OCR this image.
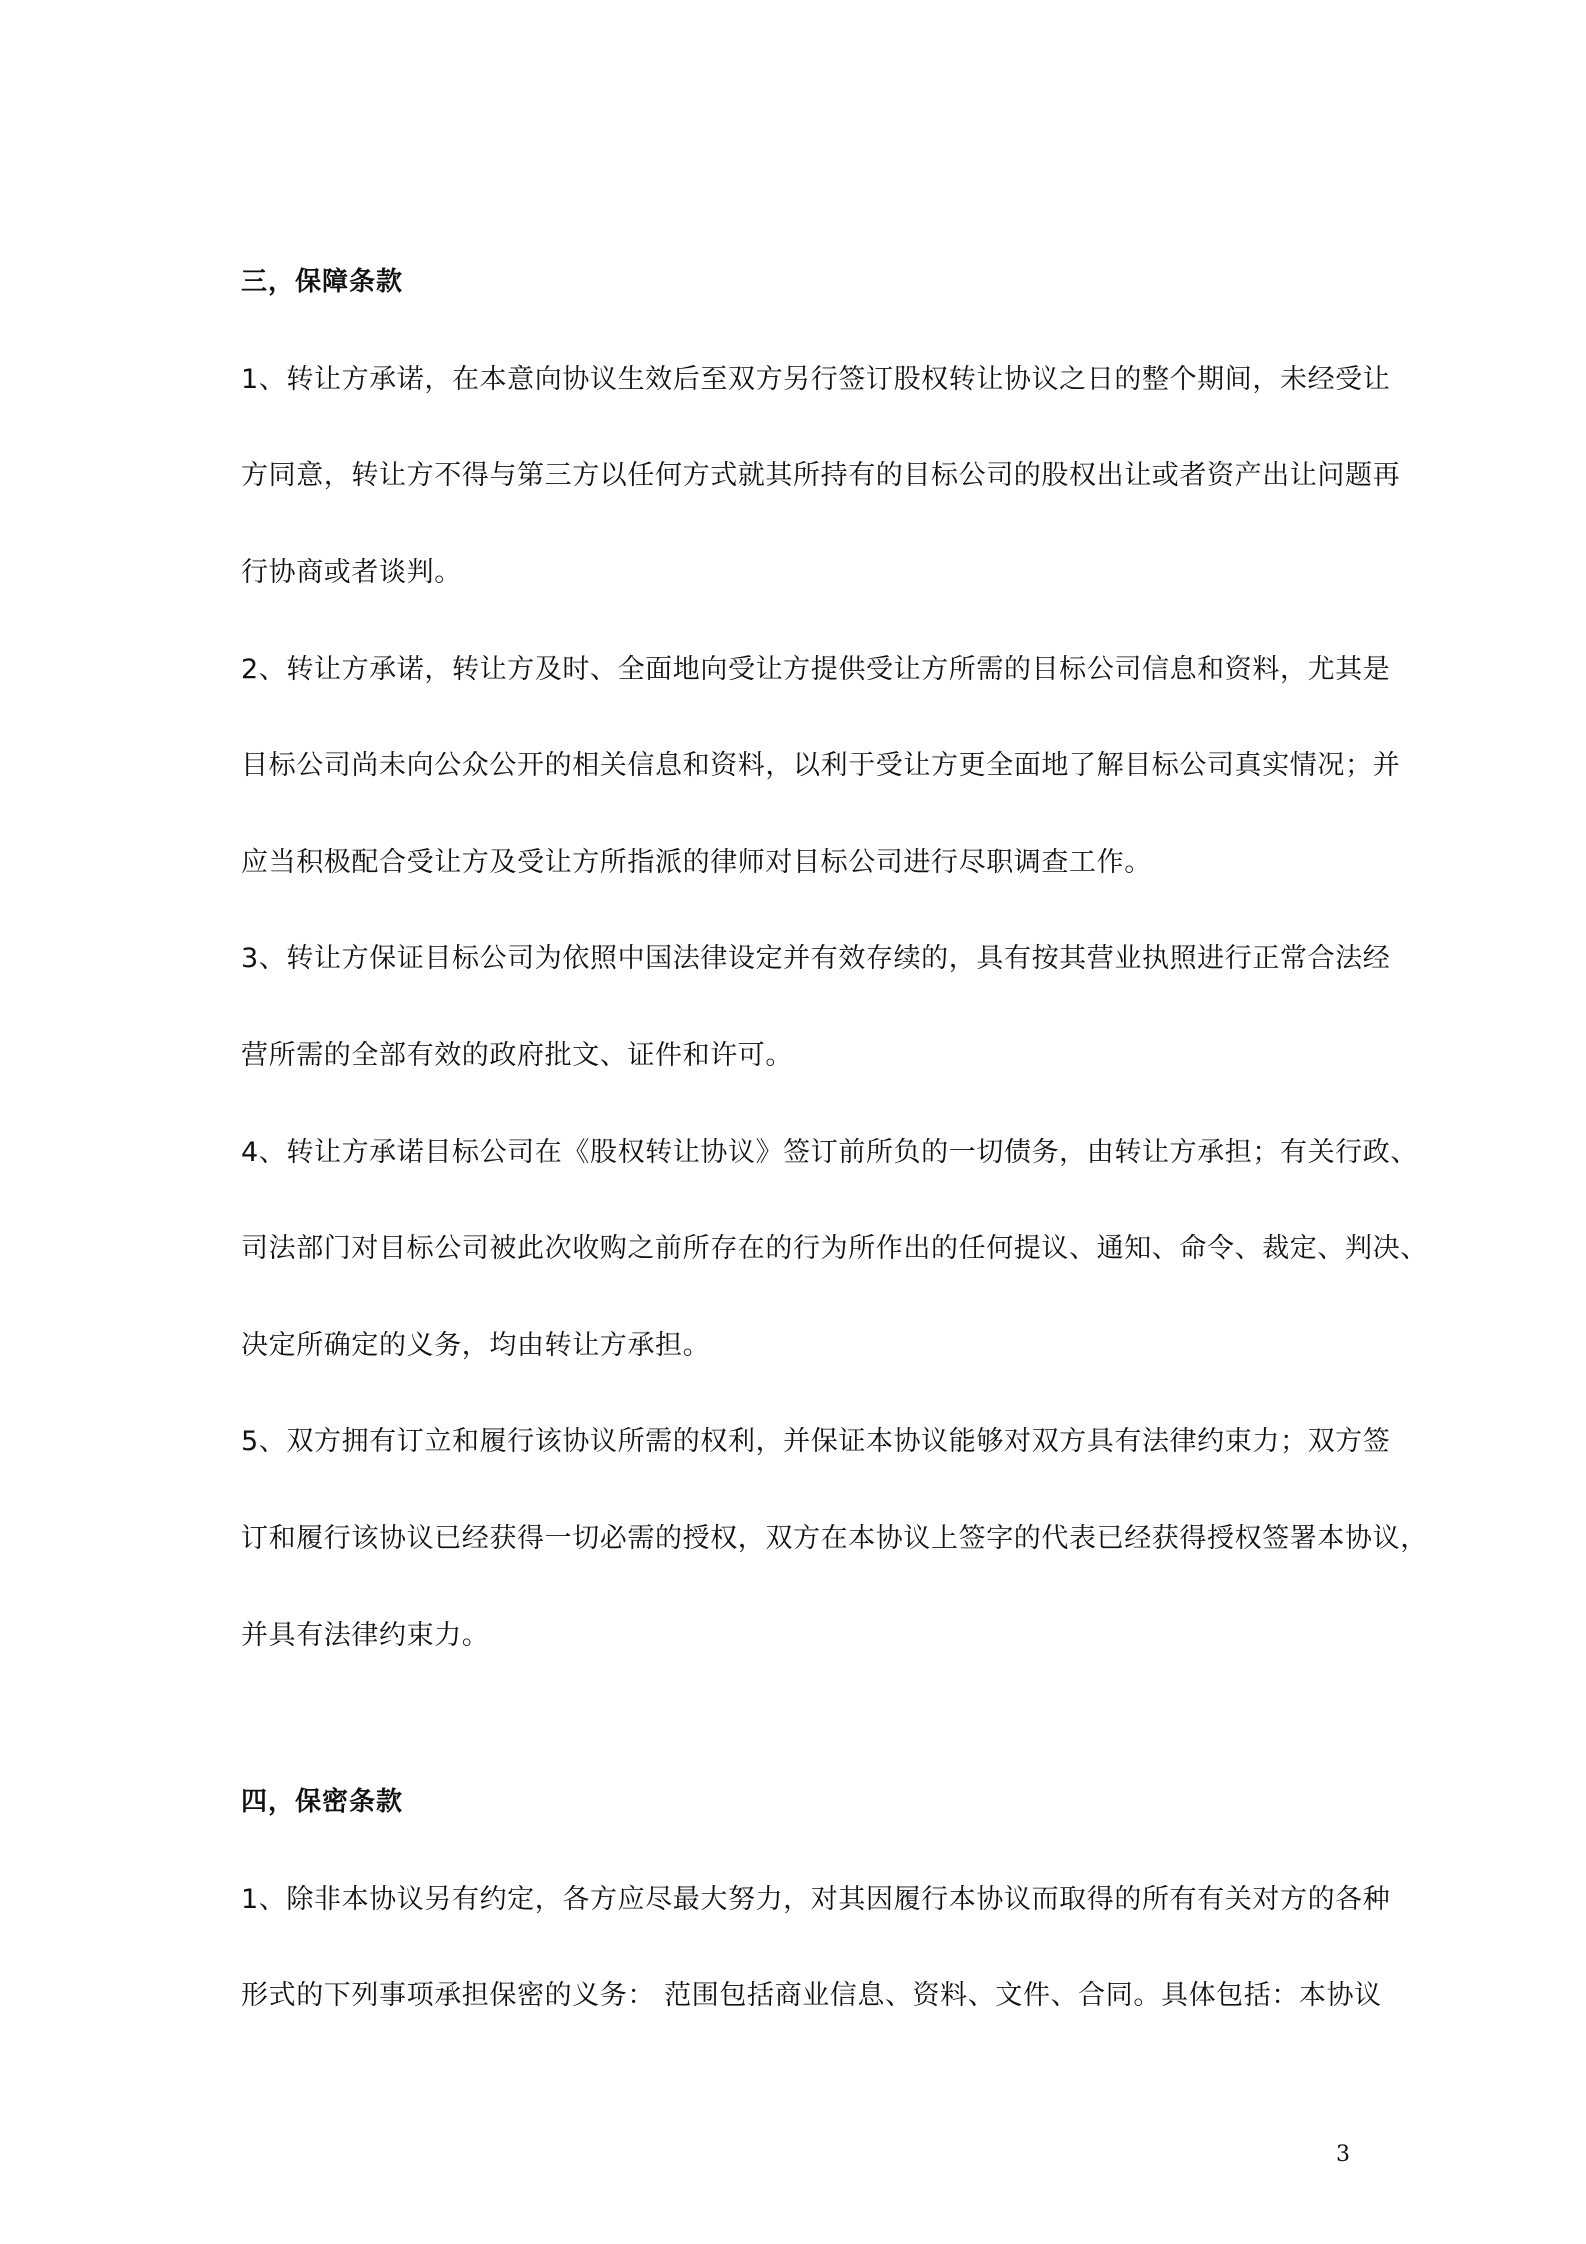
三，保障条款
1、转让方承诺，在本意向协议生效后至双方另行签订股权转让协议之日的整个期间，未经受让
方同意，转让方不得与第三方以任何方式就其所持有的目标公司的股权出让或者资产出让问题再
行协商或者谈判。
2、转让方承诺，转让方及时、全面地向受让方提供受让方所需的目标公司信息和资料，尤其是
目标公司尚未向公众公开的相关信息和资料，以利于受让方更全面地了解目标公司真实情况；并
应当积极配合受让方及受让方所指派的律师对目标公司进行尽职调查工作。
3、转让方保证目标公司为依照中国法律设定并有效存续的，具有按其营业执照进行正常合法经
营所需的全部有效的政府批文、证件和许可。
4、转让方承诺目标公司在《股权转让协议》签订前所负的一切债务，由转让方承担；有关行政、
司法部门对目标公司被此次收购之前所存在的行为所作出的任何提议、通知、命令、裁定、判决、
决定所确定的义务，均由转让方承担。
5、双方拥有订立和履行该协议所需的权利，并保证本协议能够对双方具有法律约束力；双方签
订和履行该协议已经获得一切必需的授权，双方在本协议上签字的代表已经获得授权签署本协议，
并具有法律约束力。
四，保密条款
1、除非本协议另有约定，各方应尽最大努力，对其因履行本协议而取得的所有有关对方的各种
形式的下列事项承担保密的义务： 范围包括商业信息、资料、文件、合同。具体包括：本协议
3
